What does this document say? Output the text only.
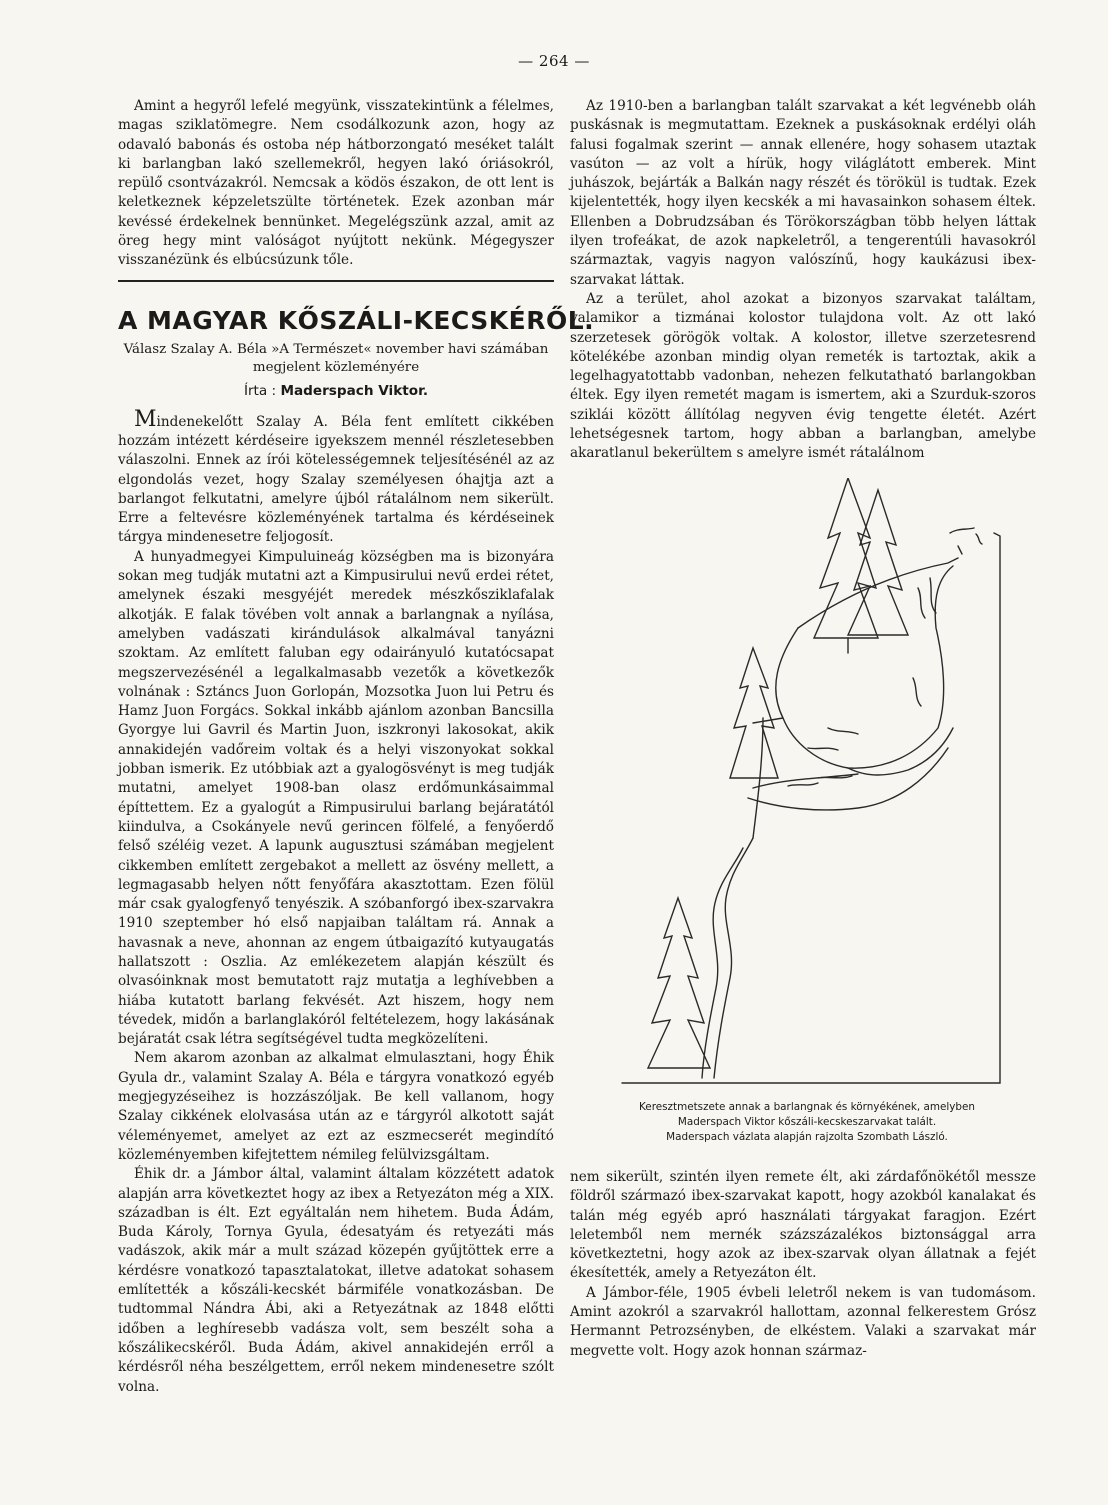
— 264 —

Amint a hegyről lefelé megyünk, visszatekintünk a félelmes, magas sziklatömegre. Nem csodálkozunk azon, hogy az odavaló babonás és ostoba nép hátborzongató meséket talált ki barlangban lakó szellemekről, hegyen lakó óriásokról, repülő csontvázakról. Nemcsak a ködös északon, de ott lent is keletkeznek képzeletszülte történetek. Ezek azonban már kevéssé érdekelnek bennünket. Megelégszünk azzal, amit az öreg hegy mint valóságot nyújtott nekünk. Mégegyszer visszanézünk és elbúcsúzunk tőle.

A MAGYAR KŐSZÁLI-KECSKÉRŐL.
Válasz Szalay A. Béla »A Természet« november havi számában
megjelent közleményére
Írta : Maderspach Viktor.

Mindenekelőtt Szalay A. Béla fent említett cikkében hozzám intézett kérdéseire igyekszem mennél részletesebben válaszolni. Ennek az írói kötelességemnek teljesítésénél az az elgondolás vezet, hogy Szalay személyesen óhajtja azt a barlangot felkutatni, amelyre újból rátalálnom nem sikerült. Erre a feltevésre közleményének tartalma és kérdéseinek tárgya mindenesetre feljogosít.

A hunyadmegyei Kimpuluineág községben ma is bizonyára sokan meg tudják mutatni azt a Kimpusirului nevű erdei rétet, amelynek északi mesgyéjét meredek mészkősziklafalak alkotják. E falak tövében volt annak a barlangnak a nyílása, amelyben vadászati kirándulások alkalmával tanyázni szoktam. Az említett faluban egy odairányuló kutatócsapat megszervezésénél a legalkalmasabb vezetők a következők volnának : Sztáncs Juon Gorlopán, Mozsotka Juon lui Petru és Hamz Juon Forgács. Sokkal inkább ajánlom azonban Bancsilla Gyorgye lui Gavril és Martin Juon, iszkronyi lakosokat, akik annakidején vadőreim voltak és a helyi viszonyokat sokkal jobban ismerik. Ez utóbbiak azt a gyalogösvényt is meg tudják mutatni, amelyet 1908-ban olasz erdőmunkásaimmal építtettem. Ez a gyalogút a Rimpusirului barlang bejáratától kiindulva, a Csokányele nevű gerincen fölfelé, a fenyőerdő felső széléig vezet. A lapunk augusztusi számában megjelent cikkemben említett zergebakot a mellett az ösvény mellett, a legmagasabb helyen nőtt fenyőfára akasztottam. Ezen fölül már csak gyalogfenyő tenyészik. A szóbanforgó ibex-szarvakra 1910 szeptember hó első napjaiban találtam rá. Annak a havasnak a neve, ahonnan az engem útbaigazító kutyaugatás hallatszott : Oszlia. Az emlékezetem alapján készült és olvasóinknak most bemutatott rajz mutatja a leghívebben a hiába kutatott barlang fekvését. Azt hiszem, hogy nem tévedek, midőn a barlanglakóról feltételezem, hogy lakásának bejáratát csak létra segítségével tudta megközelíteni.

Nem akarom azonban az alkalmat elmulasztani, hogy Éhik Gyula dr., valamint Szalay A. Béla e tárgyra vonatkozó egyéb megjegyzéseihez is hozzászóljak. Be kell vallanom, hogy Szalay cikkének elolvasása után az e tárgyról alkotott saját véleményemet, amelyet az ezt az eszmecserét megindító közleményemben kifejtettem némileg felülvizsgáltam.

Éhik dr. a Jámbor által, valamint általam közzétett adatok alapján arra következtet hogy az ibex a Retyezáton még a XIX. században is élt. Ezt egyáltalán nem hihetem. Buda Ádám, Buda Károly, Tornya Gyula, édesatyám és retyezáti más vadászok, akik már a mult század közepén gyűjtöttek erre a kérdésre vonatkozó tapasztalatokat, illetve adatokat sohasem említették a kőszáli-kecskét bármiféle vonatkozásban. De tudtommal Nándra Ábi, aki a Retyezátnak az 1848 előtti időben a leghíresebb vadásza volt, sem beszélt soha a kőszálikecskéről. Buda Ádám, akivel annakidején erről a kérdésről néha beszélgettem, erről nekem mindenesetre szólt volna.

Az 1910-ben a barlangban talált szarvakat a két legvénebb oláh puskásnak is megmutattam. Ezeknek a puskásoknak erdélyi oláh falusi fogalmak szerint — annak ellenére, hogy sohasem utaztak vasúton — az volt a hírük, hogy világlátott emberek. Mint juhászok, bejárták a Balkán nagy részét és törökül is tudtak. Ezek kijelentették, hogy ilyen kecskék a mi havasainkon sohasem éltek. Ellenben a Dobrudzsában és Törökországban több helyen láttak ilyen trofeákat, de azok napkeletről, a tengerentúli havasokról származtak, vagyis nagyon valószínű, hogy kaukázusi ibex-szarvakat láttak.

Az a terület, ahol azokat a bizonyos szarvakat találtam, valamikor a tizmánai kolostor tulajdona volt. Az ott lakó szerzetesek görögök voltak. A kolostor, illetve szerzetesrend kötelékébe azonban mindig olyan remeték is tartoztak, akik a legelhagyatottabb vadonban, nehezen felkutatható barlangokban éltek. Egy ilyen remetét magam is ismertem, aki a Szurduk-szoros sziklái között állítólag negyven évig tengette életét. Azért lehetségesnek tartom, hogy abban a barlangban, amelybe akaratlanul bekerültem s amelyre ismét rátalálnom

Keresztmetszete annak a barlangnak és környékének, amelyben
Maderspach Viktor kőszáli-kecskeszarvakat talált.
Maderspach vázlata alapján rajzolta Szombath László.

nem sikerült, szintén ilyen remete élt, aki zárdafőnökétől messze földről származó ibex-szarvakat kapott, hogy azokból kanalakat és talán még egyéb apró használati tárgyakat faragjon. Ezért leletemből nem mernék százszázalékos biztonsággal arra következtetni, hogy azok az ibex-szarvak olyan állatnak a fejét ékesítették, amely a Retyezáton élt.

A Jámbor-féle, 1905 évbeli leletről nekem is van tudomásom. Amint azokról a szarvakról hallottam, azonnal felkerestem Grósz Hermannt Petrozsényben, de elkéstem. Valaki a szarvakat már megvette volt. Hogy azok honnan származ-
